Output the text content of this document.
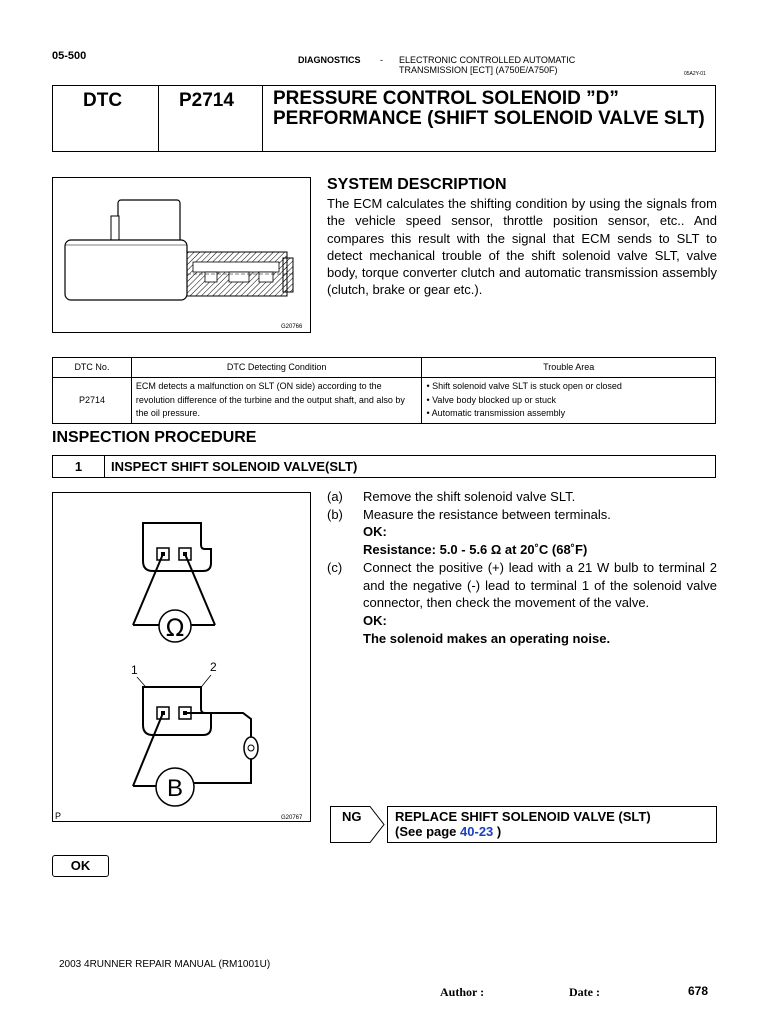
05-500	DIAGNOSTICS - ELECTRONIC CONTROLLED AUTOMATIC
TRANSMISSION [ECT] (A750E/A750F)	05A2Y-01
DTC	P2714 PRESSURE CONTROL SOLENOID ”D” PERFORMANCE (SHIFT SOLENOID VALVE SLT)
G20766
SYSTEM DESCRIPTION
The ECM calculates the shifting condition by using the signals from the vehicle speed sensor, throttle position sensor, etc.. And compares this result with the signal that ECM sends to SLT to detect mechanical trouble of the shift solenoid valve SLT, valve body, torque converter clutch and automatic transmission assembly (clutch, brake or gear etc.).
DTC No.	DTC Detecting Condition	Trouble Area
P2714	ECM detects a malfunction on SLT (ON side) according to the revolution difference of the turbine and the output shaft, and also by the oil pressure.	• Shift solenoid valve SLT is stuck open or closed
• Valve body blocked up or stuck
• Automatic transmission assembly
INSPECTION PROCEDURE
1	INSPECT SHIFT SOLENOID VALVE(SLT)
Ω
1	2
B
P	G20767
(a)	Remove the shift solenoid valve SLT.
(b)	Measure the resistance between terminals.
OK:
Resistance: 5.0 - 5.6 Ω at 20˚C (68˚F)
(c)	Connect the positive (+) lead with a 21 W bulb to terminal 2 and the negative (-) lead to terminal 1 of the solenoid valve connector, then check the movement of the valve.
OK:
The solenoid makes an operating noise.
NG	REPLACE SHIFT SOLENOID VALVE (SLT)
(See page 40-23 )
OK
2003 4RUNNER REPAIR MANUAL (RM1001U)
Author :	Date :	678
